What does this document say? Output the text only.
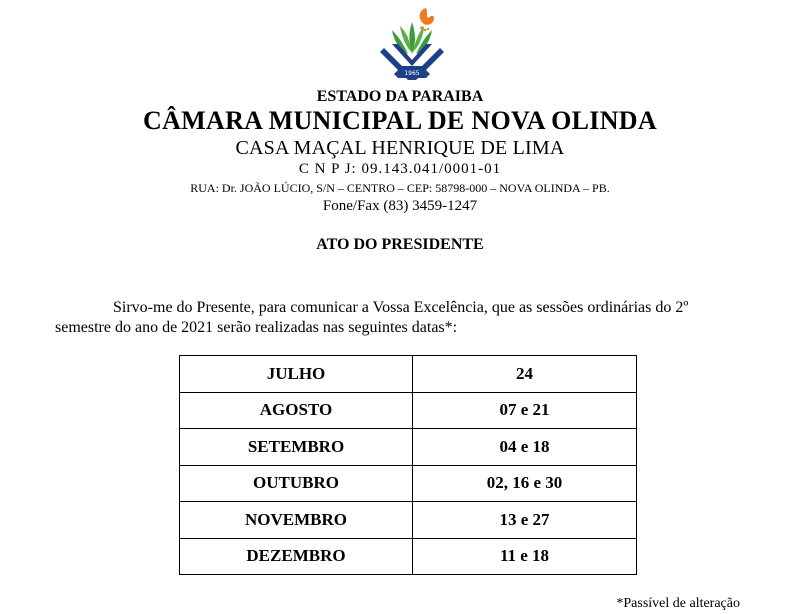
1965
ESTADO DA PARAIBA
CÂMARA MUNICIPAL DE NOVA OLINDA
CASA MAÇAL HENRIQUE DE LIMA
C N P J: 09.143.041/0001-01
RUA: Dr. JOÃO LÚCIO, S/N – CENTRO – CEP: 58798-000 – NOVA OLINDA – PB.
Fone/Fax (83) 3459-1247
ATO DO PRESIDENTE
Sirvo-me do Presente, para comunicar a Vossa Excelência, que as sessões ordinárias do 2º
semestre do ano de 2021 serão realizadas nas seguintes datas*:
JULHO	24
AGOSTO	07 e 21
SETEMBRO	04 e 18
OUTUBRO	02, 16 e 30
NOVEMBRO	13 e 27
DEZEMBRO	11 e 18
*Passível de alteração
